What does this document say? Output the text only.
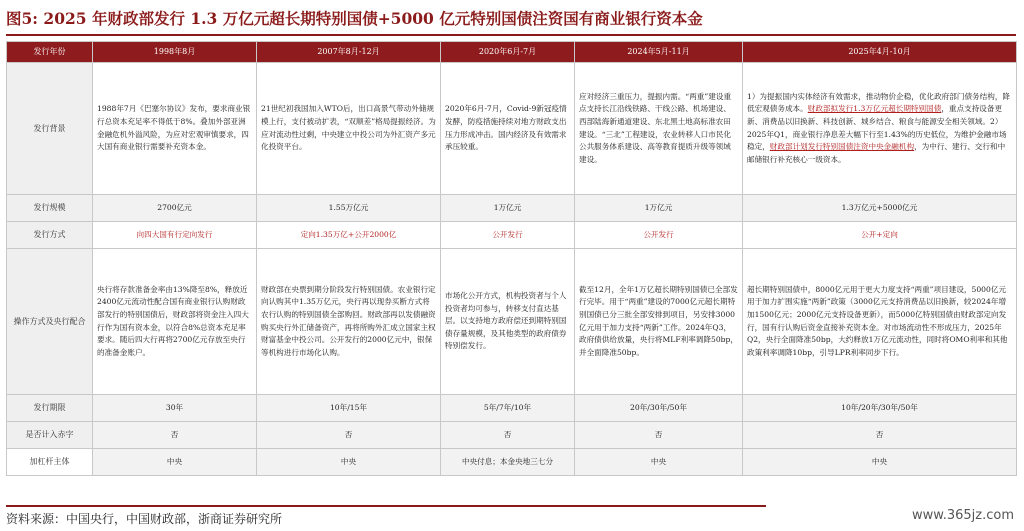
图5: 2025 年财政部发行 1.3 万亿元超长期特别国债+5000 亿元特别国债注资国有商业银行资本金
发行年份	1998年8月	2007年8月-12月	2020年6月-7月	2024年5月-11月	2025年4月-10月
发行背景	1988年7月《巴塞尔协议》发布，要求商业银行总资本充足率不得低于8%。叠加外部亚洲金融危机外溢风险，为应对宏观审慎要求，四大国有商业银行需要补充资本金。	21世纪初我国加入WTO后，出口高景气带动外储规模上行，支付被动扩表，“双顺差”格局提振经济。为应对流动性过剩，中央建立中投公司为外汇资产多元化投资平台。	2020年6月-7月，Covid-9新冠疫情发酵，防疫措施持续对地方财政支出压力形成冲击。国内经济及有效需求承压较重。	应对经济三重压力，提振内需。“两重”建设重点支持长江沿线铁路、干线公路、机场建设、西部陆海新通道建设、东北黑土地高标准农田建设。“三北”工程建设，农业转移人口市民化公共服务体系建设、高等教育提质升级等领域建设。	1）为提振国内实体经济有效需求，推动物价企稳，优化政府部门债务结构，降低宏观债务成本。财政部拟发行1.3万亿元超长期特别国债，重点支持设备更新、消费品以旧换新、科技创新、城乡结合、粮食与能源安全相关领域。2）2025年Q1，商业银行净息差大幅下行至1.43%的历史低位，为维护金融市场稳定，财政部计划发行特别国债注资中央金融机构，为中行、建行、交行和中邮储银行补充核心一级资本。
发行规模	2700亿元	1.55万亿元	1万亿元	1万亿元	1.3万亿元+5000亿元
发行方式	向四大国有行定向发行	定向1.35万亿+公开2000亿	公开发行	公开发行	公开+定向
操作方式及央行配合	央行将存款准备金率由13%降至8%，释放近2400亿元流动性配合国有商业银行认购财政部发行的特别国债后，财政部将资金注入四大行作为国有资本金，以符合8%总资本充足率要求。随后四大行再将2700亿元存放至央行的准备金账户。	财政部在央票到期分阶段发行特别国债。农业银行定向认购其中1.35万亿元，央行再以现券买断方式将农行认购的特别国债全部购回。财政部再以发债融资购买央行外汇储备资产，再将所购外汇成立国家主权财富基金中投公司。公开发行的2000亿元中，银保等机构进行市场化认购。	市场化公开方式，机构投资者与个人投资者均可参与，转移支付直达基层。以支持地方政府偿还到期特别国债存量规模，及其他类型的政府债券特别偿发行。	截至12月，全年1万亿超长期特别国债已全部发行完毕。用于“两重”建设的7000亿元超长期特别国债已分三批全部安排到项目，另安排3000亿元用于加力支持“两新”工作。2024年Q3，政府债供给放量，央行将MLF利率调降50bp，并全面降准50bp。	超长期特别国债中，8000亿元用于更大力度支持“两重”项目建设，5000亿元用于加力扩围实施“两新”政策（3000亿元支持消费品以旧换新，较2024年增加1500亿元；2000亿元支持设备更新），而5000亿特别国债由财政部定向发行，国有行认购后资金直接补充资本金。对市场流动性不形成压力，2025年Q2，央行全面降准50bp，大约释放1万亿元流动性，同时将OMO利率和其他政策利率调降10bp，引导LPR利率同步下行。
发行期限	30年	10年/15年	5年/7年/10年	20年/30年/50年	10年/20年/30年/50年
是否计入赤字	否	否	否	否	否
加杠杆主体	中央	中央	中央付息；本金央地三七分	中央	中央
资料来源：中国央行，中国财政部，浙商证券研究所	www.365jz.com
